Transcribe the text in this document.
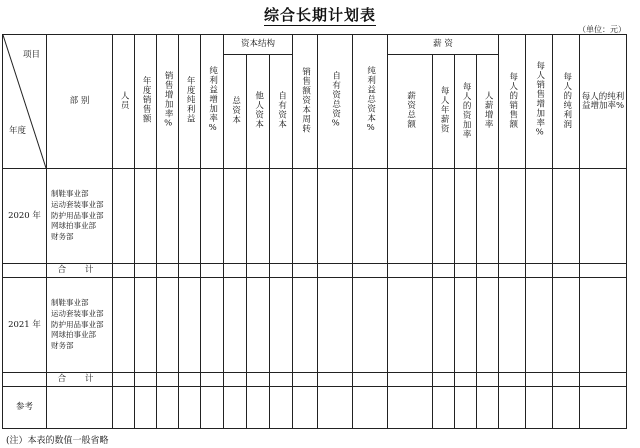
综合长期计划表
（单位：元）
项目
年度	部 别	人员	年度销售额	销售增加率%	年度纯利益	纯利益增加率%	资本结构			销售额资本周转	自有资总资%	纯利益总资本%	薪 资				每人的销售额	每人销售增加率%	每人的纯利润	每人的纯利益增加率%
							总资本	他人资本	自有资本				薪资总额	每人年薪资	每人的资加率	人薪增率				
2020 年	制鞋事业部
运动套装事业部
防护用品事业部
网球拍事业部
财务部																			

	合 计																			
2021 年	制鞋事业部
运动套装事业部
防护用品事业部
网球拍事业部
财务部																			

	合 计																			
参考																				
(注）本表的数值一般省略
